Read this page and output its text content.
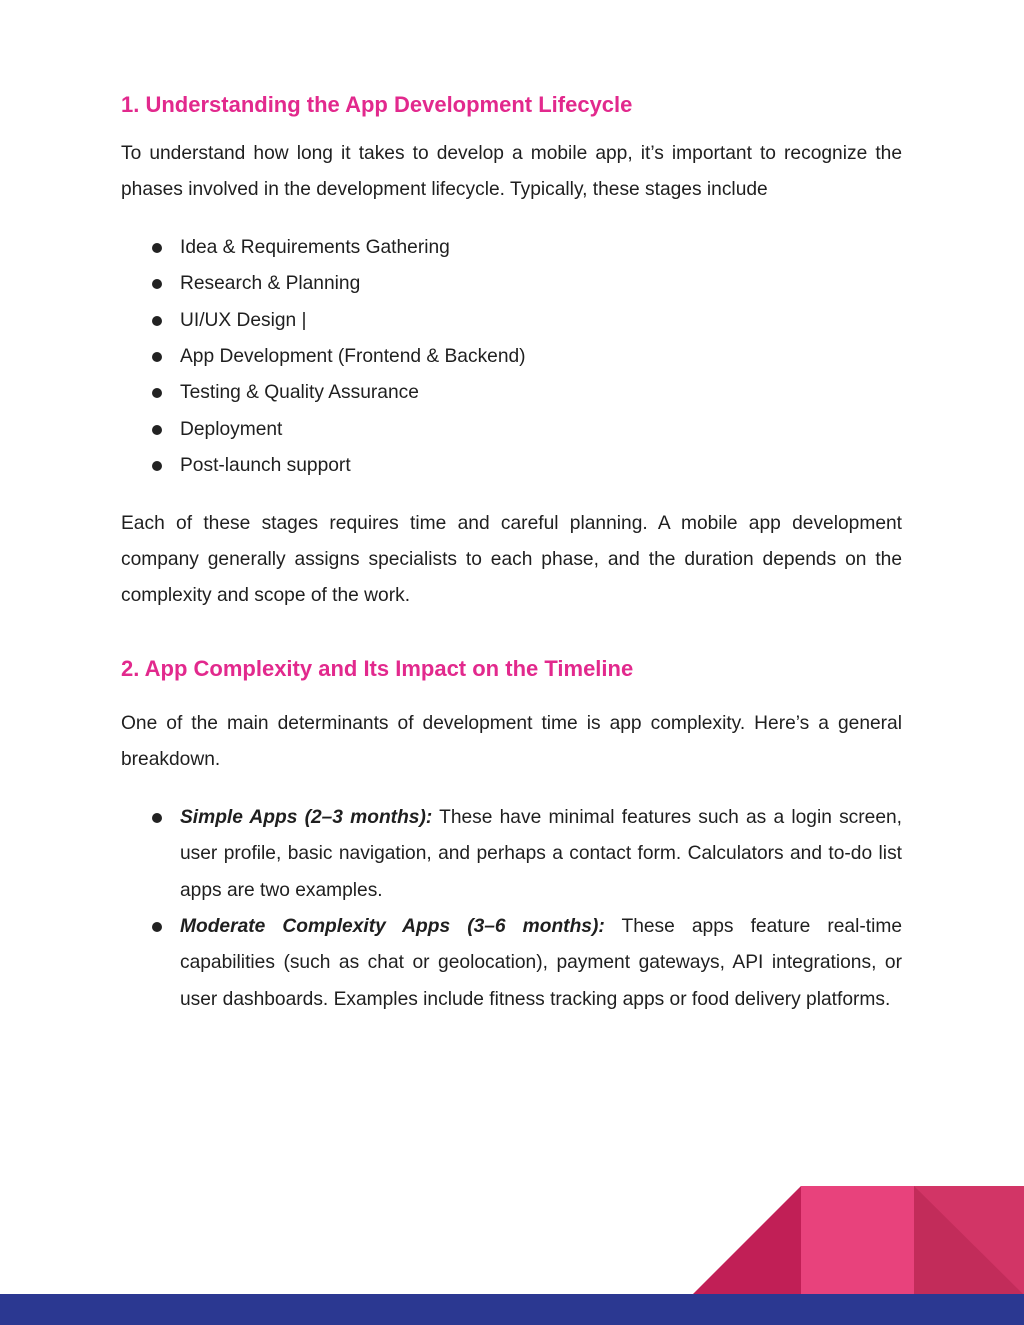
1. Understanding the App Development Lifecycle

To understand how long it takes to develop a mobile app, it’s important to recognize the phases involved in the development lifecycle. Typically, these stages include

Idea & Requirements Gathering
Research & Planning
UI/UX Design |
App Development (Frontend & Backend)
Testing & Quality Assurance
Deployment
Post-launch support

Each of these stages requires time and careful planning. A mobile app development company generally assigns specialists to each phase, and the duration depends on the complexity and scope of the work.

2. App Complexity and Its Impact on the Timeline

One of the main determinants of development time is app complexity. Here’s a general breakdown.

Simple Apps (2–3 months): These have minimal features such as a login screen, user profile, basic navigation, and perhaps a contact form. Calculators and to-do list apps are two examples.
Moderate Complexity Apps (3–6 months): These apps feature real-time capabilities (such as chat or geolocation), payment gateways, API integrations, or user dashboards. Examples include fitness tracking apps or food delivery platforms.
